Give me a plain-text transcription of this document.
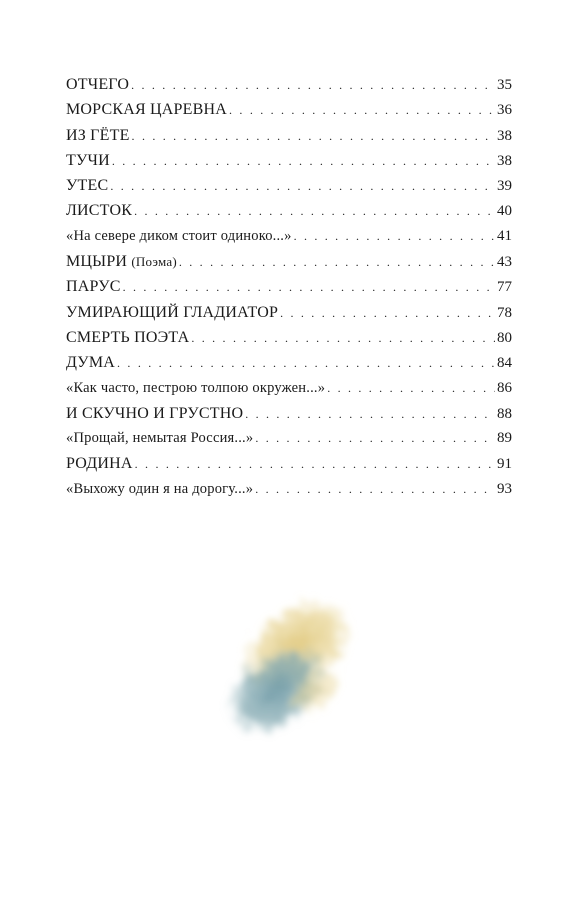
ОТЧЕГО . . .	35
МОРСКАЯ ЦАРЕВНА . . .	36
ИЗ ГЁТЕ . . .	38
ТУЧИ . . .	38
УТЕС . . .	39
ЛИСТОК . . .	40
«На севере диком стоит одиноко...» . . .	41
МЦЫРИ (Поэма) . . .	43
ПАРУС . . .	77
УМИРАЮЩИЙ ГЛАДИАТОР . . .	78
СМЕРТЬ ПОЭТА . . .	80
ДУМА . . .	84
«Как часто, пестрою толпою окружен...» . . .	86
И СКУЧНО И ГРУСТНО . . .	88
«Прощай, немытая Россия...» . . .	89
РОДИНА . . .	91
«Выхожу один я на дорогу...» . . .	93
